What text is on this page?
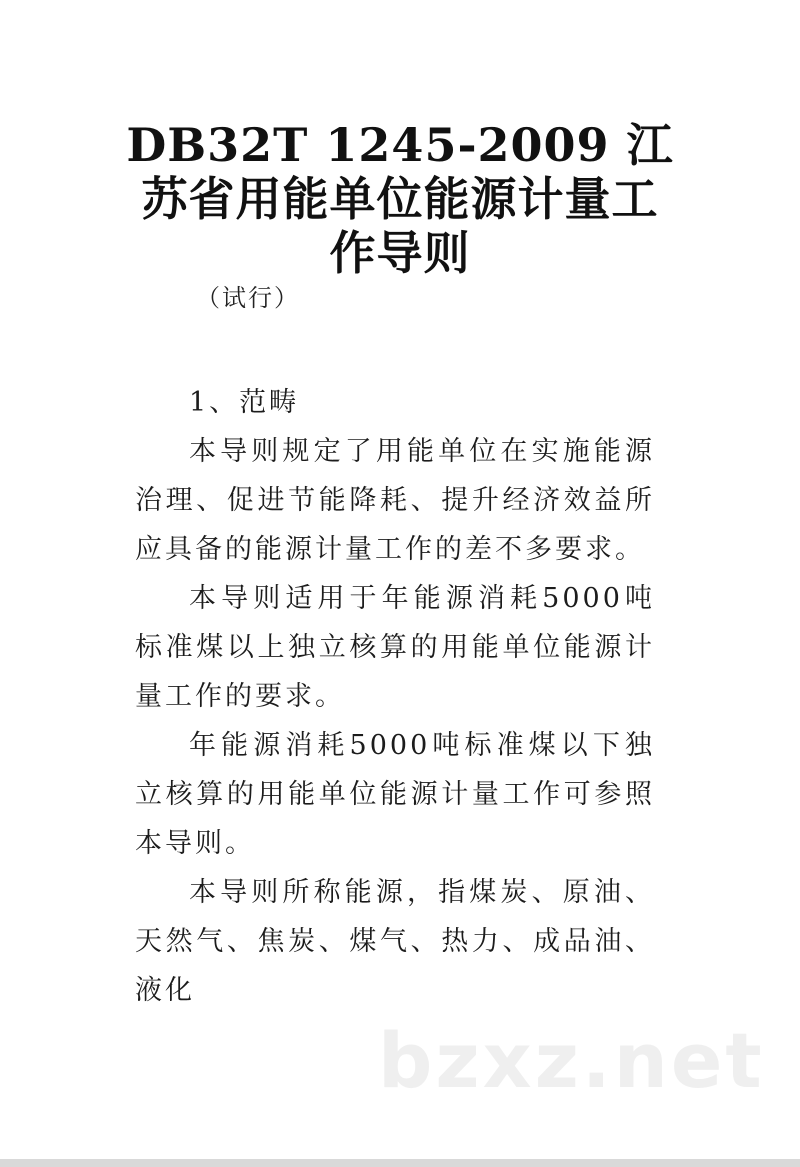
DB32T 1245-2009 江苏省用能单位能源计量工作导则
（试行）

1、范畴

本导则规定了用能单位在实施能源治理、促进节能降耗、提升经济效益所应具备的能源计量工作的差不多要求。

本导则适用于年能源消耗5000吨标准煤以上独立核算的用能单位能源计量工作的要求。

年能源消耗5000吨标准煤以下独立核算的用能单位能源计量工作可参照本导则。

本导则所称能源，指煤炭、原油、天然气、焦炭、煤气、热力、成品油、液化

bzxz.net
